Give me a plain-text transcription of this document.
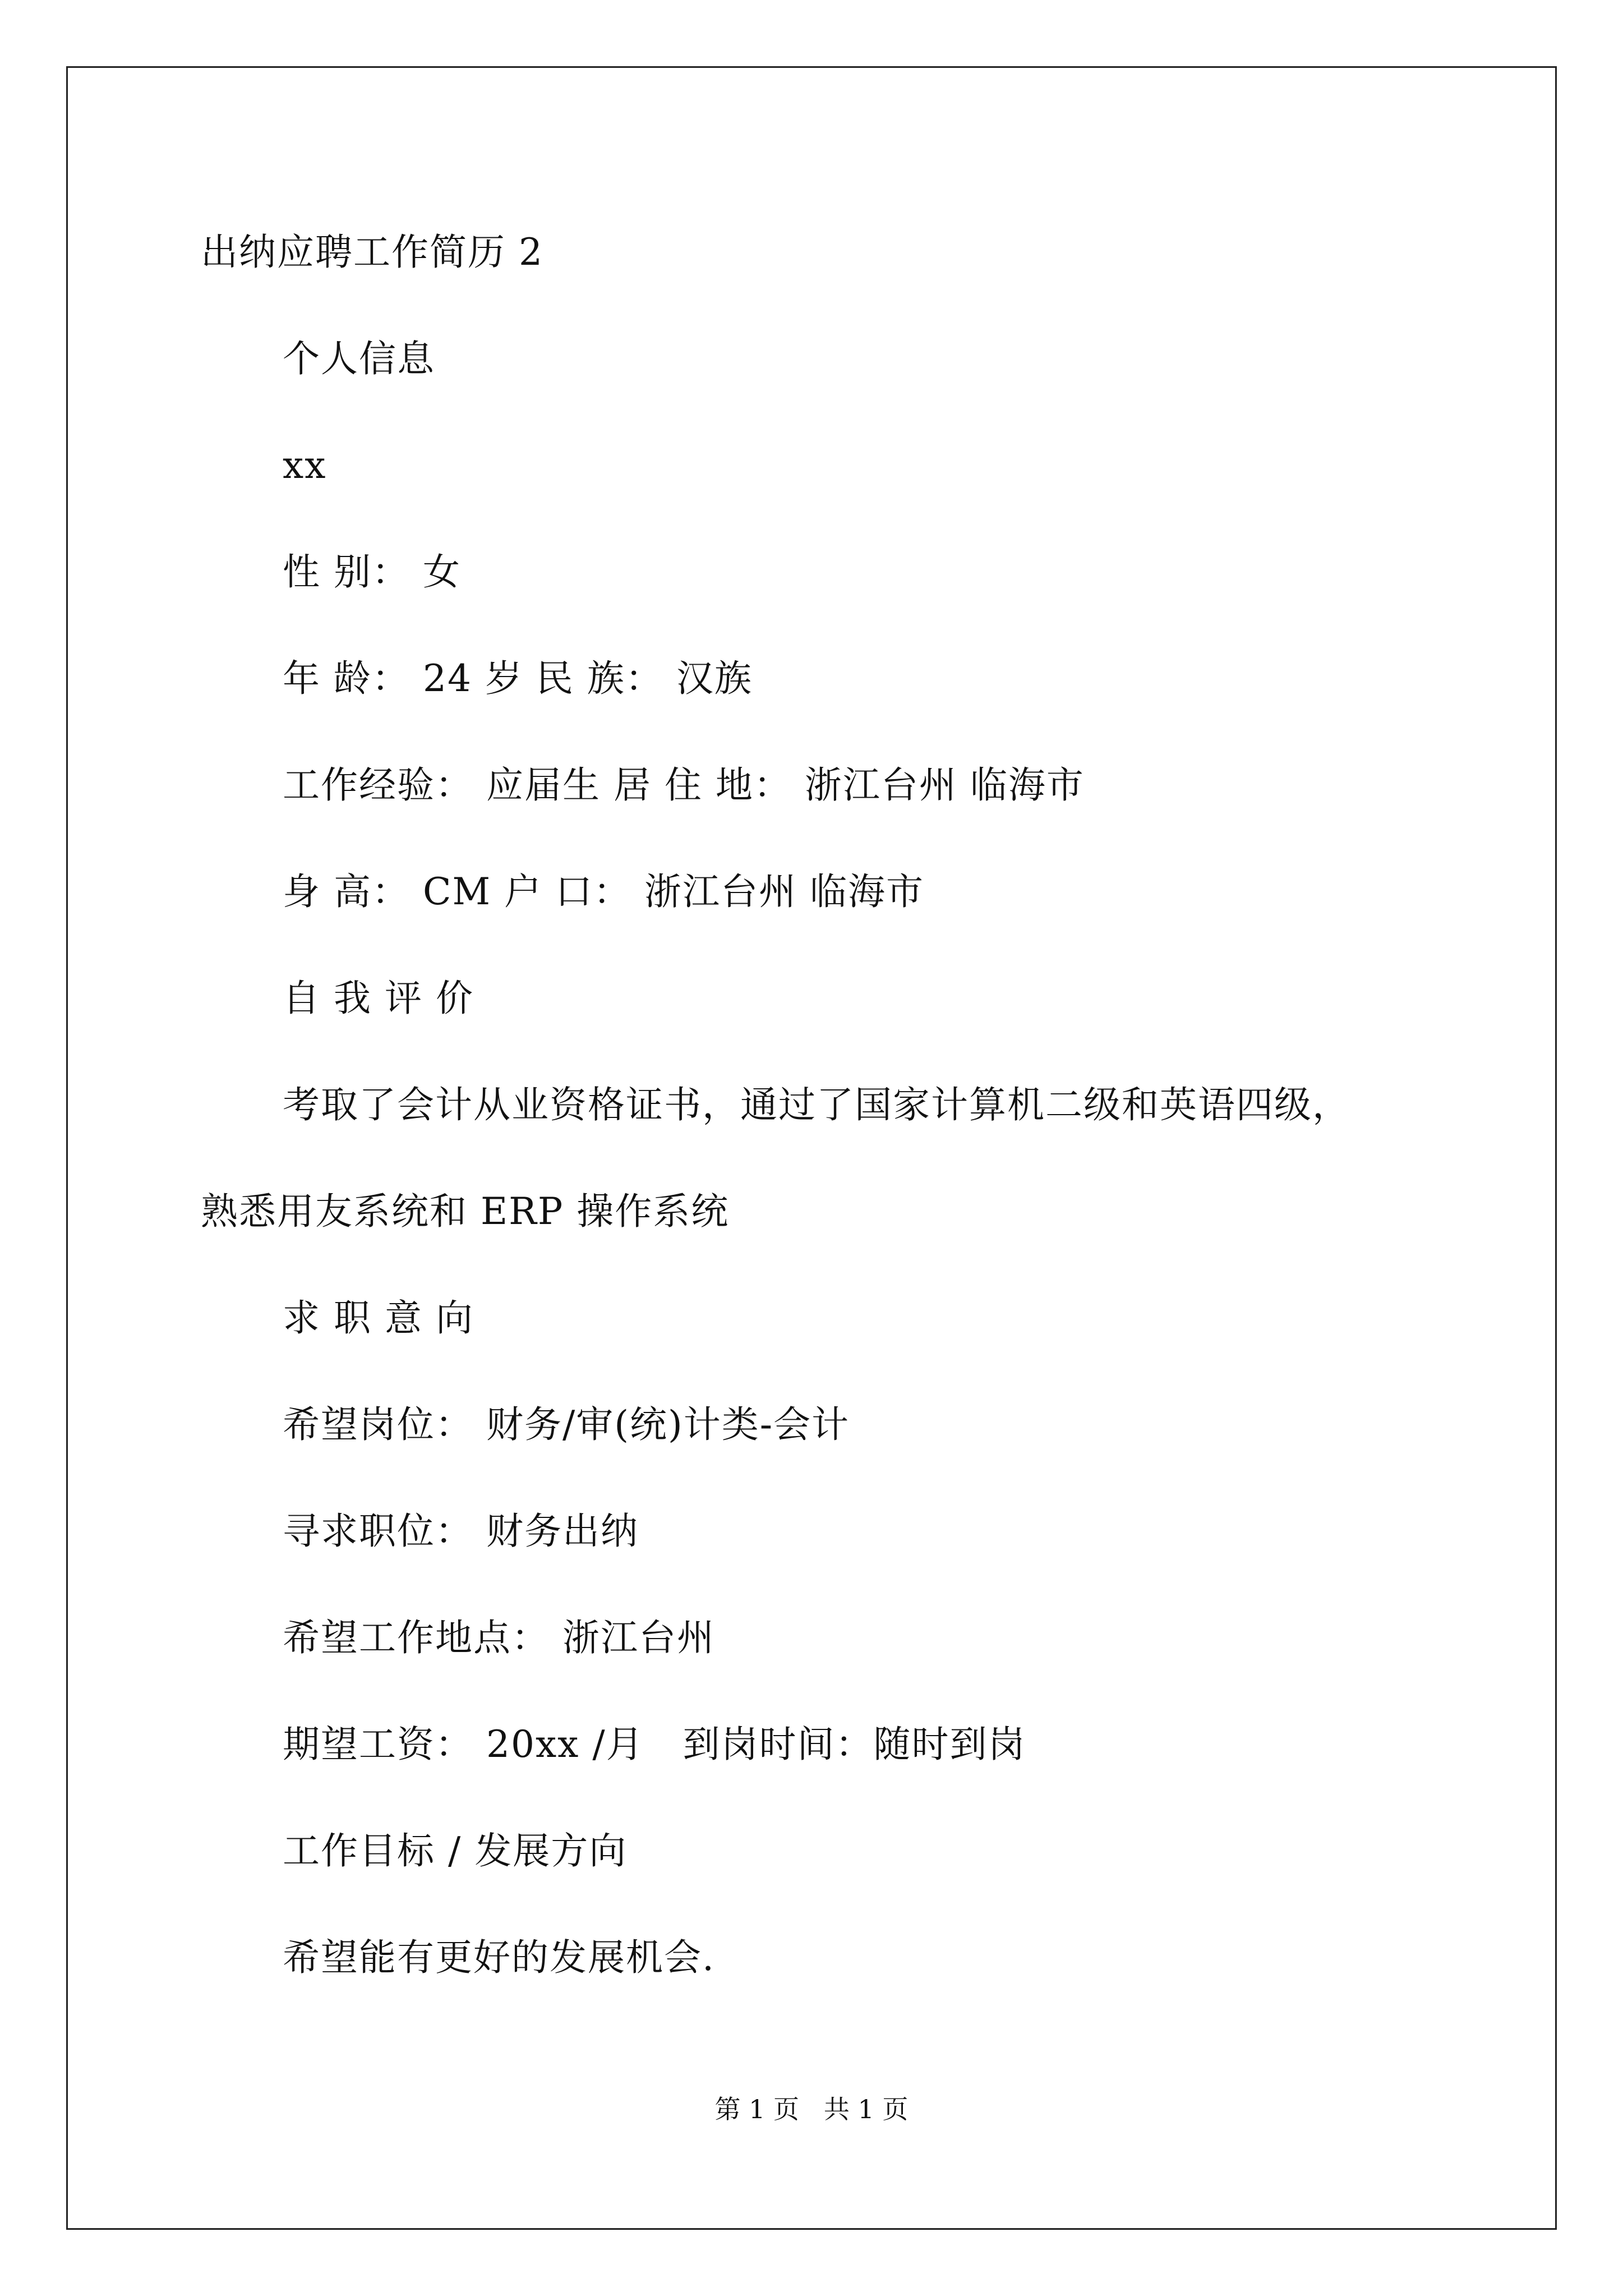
出纳应聘工作简历 2
个人信息
xx
性 别： 女
年 龄： 24 岁 民 族： 汉族
工作经验： 应届生 居 住 地： 浙江台州 临海市
身 高： CM 户 口： 浙江台州 临海市
自 我 评 价
考取了会计从业资格证书，通过了国家计算机二级和英语四级，
熟悉用友系统和 ERP 操作系统
求 职 意 向
希望岗位： 财务/审(统)计类-会计
寻求职位： 财务出纳
希望工作地点： 浙江台州
期望工资： 20xx /月   到岗时间：随时到岗
工作目标 / 发展方向
希望能有更好的发展机会.
第 1 页   共 1 页
